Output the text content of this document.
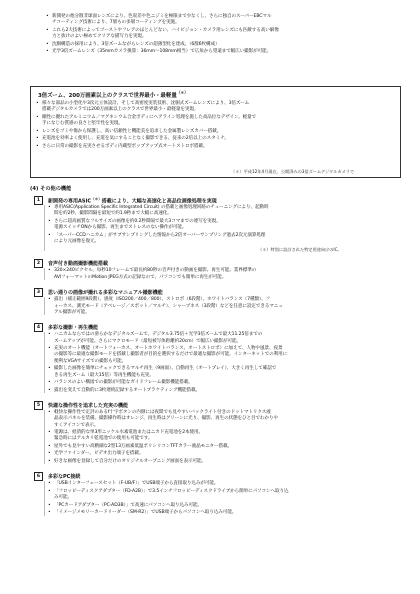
3倍ズーム、200万画素以上のクラスで世界最小・最軽量（＊）
（＊）平成12年4月現在、公開済みの3倍ズームデジタルカメラで
(4) その他の機能
• 新開発の他分散非球面レンズにより、色収差や色ニジミを極限まで少なくし、さらに独自のスーパーEBCマル
チコーティング技術により、7層もの多層コーティングを実施。
• これら2大技術によってゴーストやフレアのほとんどない、ハイビジョン・カメラ用レンズにも匹敵する高い解像
力と抜けのよい極めてクリアな描写力を実現。
• 沈胴構造の採用により、3倍ズームながらレンズの超薄型化を達成。（6群6枚構成）
• 光学3倍ズームレンズ（35mmカメラ換算：36mm〜108mm相当）で広角から望遠まで幅広い撮影が可能。
• 様々な部品の小型化や3次元立体設計、そして高密度実装技術、沈胴式ズームレンズにより、3倍ズーム
搭載デジタルカメラでは200万画素以上のクラスで世界最小・最軽量を実現。
• 剛性に優れたアルミニウム／マグネシウム合金ボディにヘアライン処理を施した高品位なデザイン。軽量で
手になじむ質感の良さと堅牢性を実現。
• レンズをゴミや傷から保護し、高い信頼性と機能美を追求した金属製レンズカバー搭載。
• 充電池を効率よく使用し、充電を気にすることなく撮影できる、従来の2倍以上のスタミナ。
• さらに日常の撮影を充実させるボディ内蔵型ポップアップ式オートストロボ搭載。
1	新開発の専用ASIC（＊）搭載により、大幅な高速化と高品位画像処理を実現
• 専用ASIC(Application Specific Integrated Circuit) の搭載と画像処理回路のチューニングにより、起動時
間を約2秒、撮影間隔を最短で約1.9秒まで大幅に高速化。
• さらに超高画質なフルサイズの画像を約0.2秒間隔で最大3コマまでの連写を実現。
電源スイッチONから撮影、再生までストレスのない操作が可能。
• 「スーパーCCDハニカム」がサブサンプリングした情報から2倍オーバーサンプリング過去2次元演算処理
により元画像を復元。
（＊）特別に設計された特定用途向けのIC。
2	音声付き動画撮影機能搭載
• 320×240ピクセル、毎秒10フレームで最長約80秒の音声付きの動画を撮影、再生可能。業界標準の
AVIフォーマットのMotion JPEG方式の記録なので、パソコンでも簡単に再生が可能。
3	思い通りの画像が撮れる多彩なマニュアル撮影機能
• 露出（補正範囲9段階）、感度（ISO200／400／800）、ストロボ（6段階）、ホワイトバランス（7種類）、フ
ォーカス、測光モード（アベレージ／スポット／マルチ）、シャープネス（3段階）などを任意に設定できるマニュ
アル撮影が可能。
4	多彩な撮影・再生機能
• ハニカムならではの滑らかなデジタルズームで、デジタル3.75倍＋光学3倍ズームで最大11.25倍までの
ズームアップが可能。さらにマクロモード（最短被写体距離約20cm）で幅広い撮影が可能。
• 充実のオート機能（オートフォーカス、オートホワイトバランス、オートストロボ）に加えて、人物や風景、夜景
の撮影等に最適な撮影モードを搭載し撮影者が目的を選択するだけで最適な撮影が可能。インターネットでの利用に
便利なVGAサイズでの撮影も可能。
• 撮影した画像を簡単にチェックできるマルチ再生（9画面）、自動再生（オートプレイ）、大きく再生して確認で
きる再生ズーム（最大15倍）等再生機能も充実。
• バランスのよい構図での撮影が可能なガイドフレーム撮影機能搭載。
• 露出を変えて自動的に3枚連続記録するオートブラケティング機能搭載。
5	快適な操作性を追求した充実の機能
• 軽快な操作性で定評のあるf十字ボタンの内側には夜間でも見やすいバックライト付きのドットマトリクス液
晶表示パネルを装備。撮影操作時はオレンジ、再生時はグリーンに光り、撮影、再生の状態をひと目でわかりや
すくアイコンで表示。
• 電源は、経済的な単3形ニッケル水素電池またはニカド充電池を2本使用。
緊急時にはアルカリ乾電池での使用も可能です。
• 屋外でも見やすい高精細な2型13万画素低温ポリシリコンTFTカラー液晶モニター搭載。
• 光学ファインダー、ビデオ出力端子を搭載。
• 好きな画像を登録して自分だけのオリジナルオープニング画面を表示可能。
6	多彩なPC接続
• 「USBインターフェースセット（F-UB/F）」でUSB端子から直接取り込みが可能。
• 「フロッピーディスクアダプター（FD-A2B）」で3.5インチフロッピーディスクドライブから簡単にパソコンへ取り込
み可能。
• 「PCカードアダプター（PC-AD3B）」で高速にパソコンへ取り込み可能。
• 「イメージメモリーカードリーダー（SM-R2）」でUSB端子からパソコンへ取り込み可能。
